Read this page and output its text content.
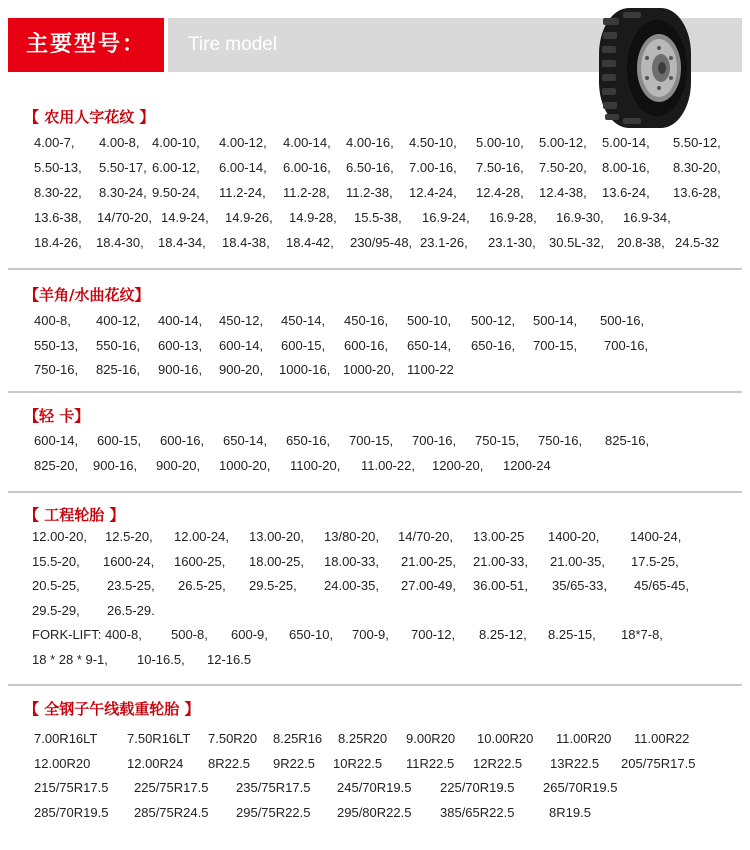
主要型号：	Tire model
【 农用人字花纹 】
4.00-7, 4.00-8, 4.00-10, 4.00-12, 4.00-14, 4.00-16, 4.50-10, 5.00-10, 5.00-12, 5.00-14, 5.50-12,
5.50-13, 5.50-17, 6.00-12, 6.00-14, 6.00-16, 6.50-16, 7.00-16, 7.50-16, 7.50-20, 8.00-16, 8.30-20,
8.30-22, 8.30-24, 9.50-24, 11.2-24, 11.2-28, 11.2-38, 12.4-24, 12.4-28, 12.4-38, 13.6-24, 13.6-28,
13.6-38, 14/70-20, 14.9-24, 14.9-26, 14.9-28, 15.5-38, 16.9-24, 16.9-28, 16.9-30, 16.9-34,
18.4-26, 18.4-30, 18.4-34, 18.4-38, 18.4-42, 230/95-48, 23.1-26, 23.1-30, 30.5L-32, 20.8-38, 24.5-32
【羊角/水曲花纹】
400-8, 400-12, 400-14, 450-12, 450-14, 450-16, 500-10, 500-12, 500-14, 500-16,
550-13, 550-16, 600-13, 600-14, 600-15, 600-16, 650-14, 650-16, 700-15, 700-16,
750-16, 825-16, 900-16, 900-20, 1000-16, 1000-20, 1100-22
【轻 卡】
600-14, 600-15, 600-16, 650-14, 650-16, 700-15, 700-16, 750-15, 750-16, 825-16,
825-20, 900-16, 900-20, 1000-20, 1100-20, 11.00-22, 1200-20, 1200-24
【 工程轮胎 】
12.00-20, 12.5-20, 12.00-24, 13.00-20, 13/80-20, 14/70-20, 13.00-25 1400-20, 1400-24,
15.5-20, 1600-24, 1600-25, 18.00-25, 18.00-33, 21.00-25, 21.00-33, 21.00-35, 17.5-25,
20.5-25, 23.5-25, 26.5-25, 29.5-25, 24.00-35, 27.00-49, 36.00-51, 35/65-33, 45/65-45,
29.5-29, 26.5-29.
FORK-LIFT: 400-8, 500-8, 600-9, 650-10, 700-9, 700-12, 8.25-12, 8.25-15, 18*7-8,
18 * 28 * 9-1, 10-16.5, 12-16.5
【 全钢子午线载重轮胎 】
7.00R16LT 7.50R16LT 7.50R20 8.25R16 8.25R20 9.00R20 10.00R20 11.00R20 11.00R22
12.00R20	12.00R24 8R22.5 9R22.5 10R22.5 11R22.5 12R22.5 13R22.5 205/75R17.5
215/75R17.5 225/75R17.5 235/75R17.5 245/70R19.5 225/70R19.5 265/70R19.5
285/70R19.5 285/75R24.5 295/75R22.5 295/80R22.5 385/65R22.5	8R19.5
